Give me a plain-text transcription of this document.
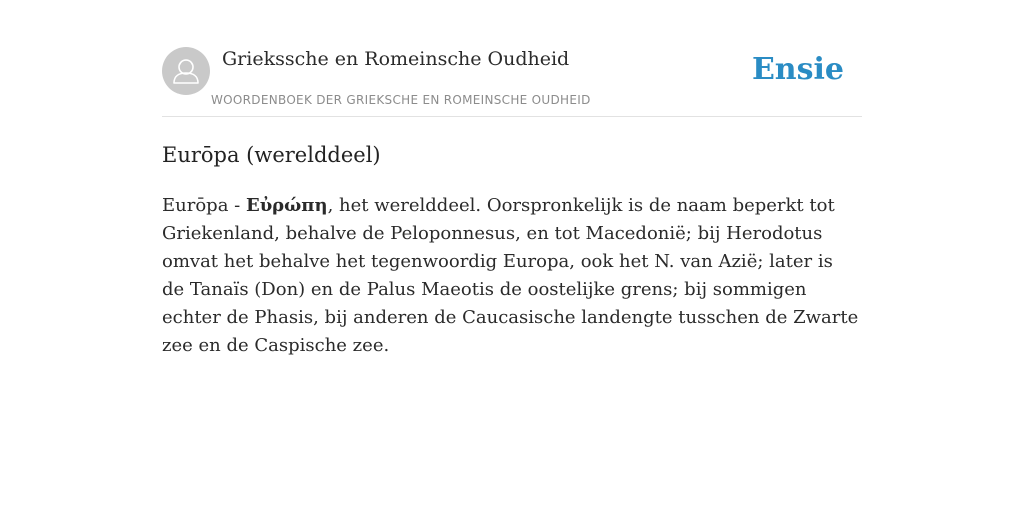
Griekssche en Romeinsche Oudheid
WOORDENBOEK DER GRIEKSCHE EN ROMEINSCHE OUDHEID
Ensie
Eurōpa (werelddeel)

Eurōpa - Εὐρώπη, het werelddeel. Oorspronkelijk is de naam beperkt tot Griekenland, behalve de Peloponnesus, en tot Macedonië; bij Herodotus omvat het behalve het tegenwoordig Europa, ook het N. van Azië; later is de Tanaïs (Don) en de Palus Maeotis de oostelijke grens; bij sommigen echter de Phasis, bij anderen de Caucasische landengte tusschen de Zwarte zee en de Caspische zee.
